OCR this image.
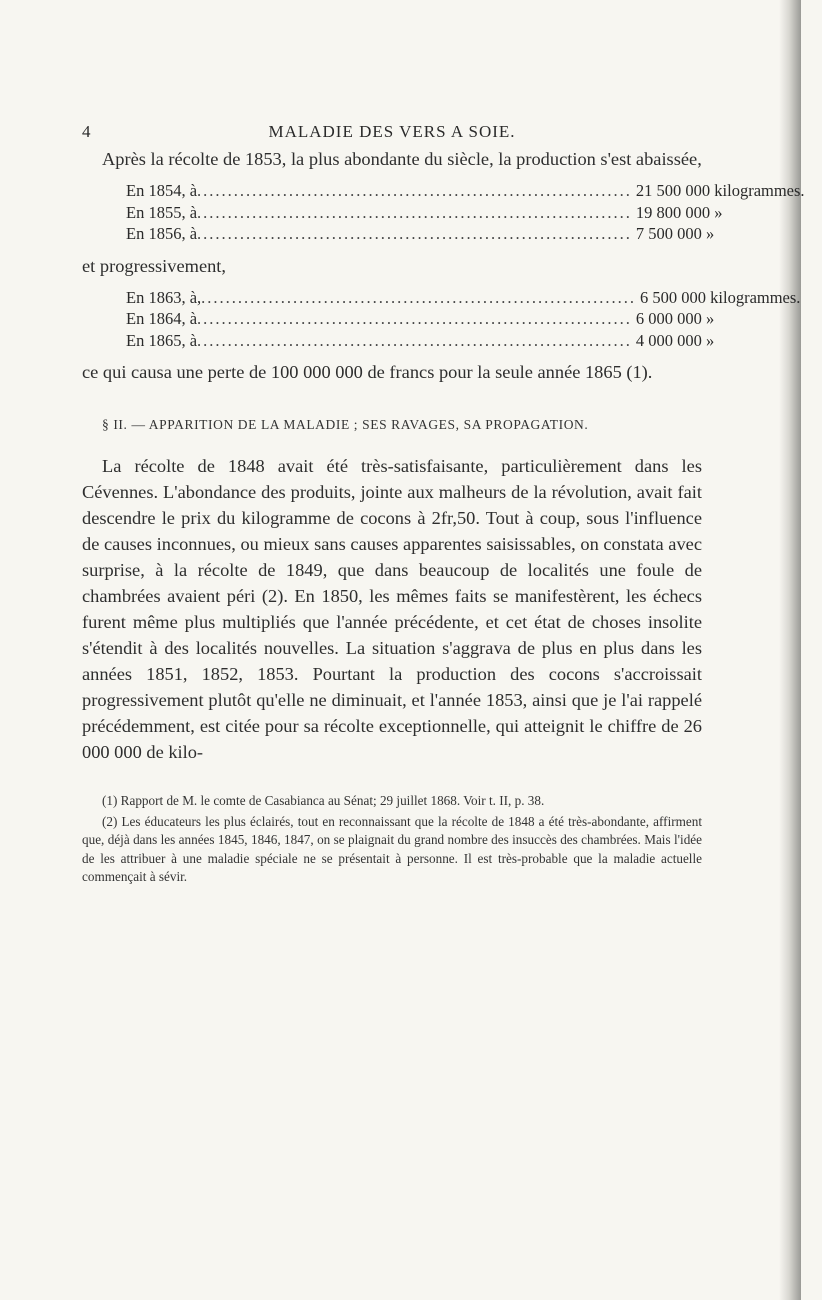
4	MALADIE DES VERS A SOIE.

Après la récolte de 1853, la plus abondante du siècle, la production s'est abaissée,

En 1854, à ....................................................................... 21 500 000 kilogrammes.
En 1855, à ....................................................................... 19 800 000 »
En 1856, à ....................................................................... 7 500 000 »

et progressivement,

En 1863, à, ....................................................................... 6 500 000 kilogrammes.
En 1864, à ....................................................................... 6 000 000 »
En 1865, à ....................................................................... 4 000 000 »

ce qui causa une perte de 100 000 000 de francs pour la seule année 1865 (1).

§ II. — APPARITION DE LA MALADIE ; SES RAVAGES, SA PROPAGATION.

La récolte de 1848 avait été très-satisfaisante, particulièrement dans les Cévennes. L'abondance des produits, jointe aux malheurs de la révolution, avait fait descendre le prix du kilogramme de cocons à 2fr,50. Tout à coup, sous l'influence de causes inconnues, ou mieux sans causes apparentes saisissables, on constata avec surprise, à la récolte de 1849, que dans beaucoup de localités une foule de chambrées avaient péri (2). En 1850, les mêmes faits se manifestèrent, les échecs furent même plus multipliés que l'année précédente, et cet état de choses insolite s'étendit à des localités nouvelles. La situation s'aggrava de plus en plus dans les années 1851, 1852, 1853. Pourtant la production des cocons s'accroissait progressivement plutôt qu'elle ne diminuait, et l'année 1853, ainsi que je l'ai rappelé précédemment, est citée pour sa récolte exceptionnelle, qui atteignit le chiffre de 26 000 000 de kilo-

(1) Rapport de M. le comte de Casabianca au Sénat; 29 juillet 1868. Voir t. II, p. 38.

(2) Les éducateurs les plus éclairés, tout en reconnaissant que la récolte de 1848 a été très-abondante, affirment que, déjà dans les années 1845, 1846, 1847, on se plaignait du grand nombre des insuccès des chambrées. Mais l'idée de les attribuer à une maladie spéciale ne se présentait à personne. Il est très-probable que la maladie actuelle commençait à sévir.
